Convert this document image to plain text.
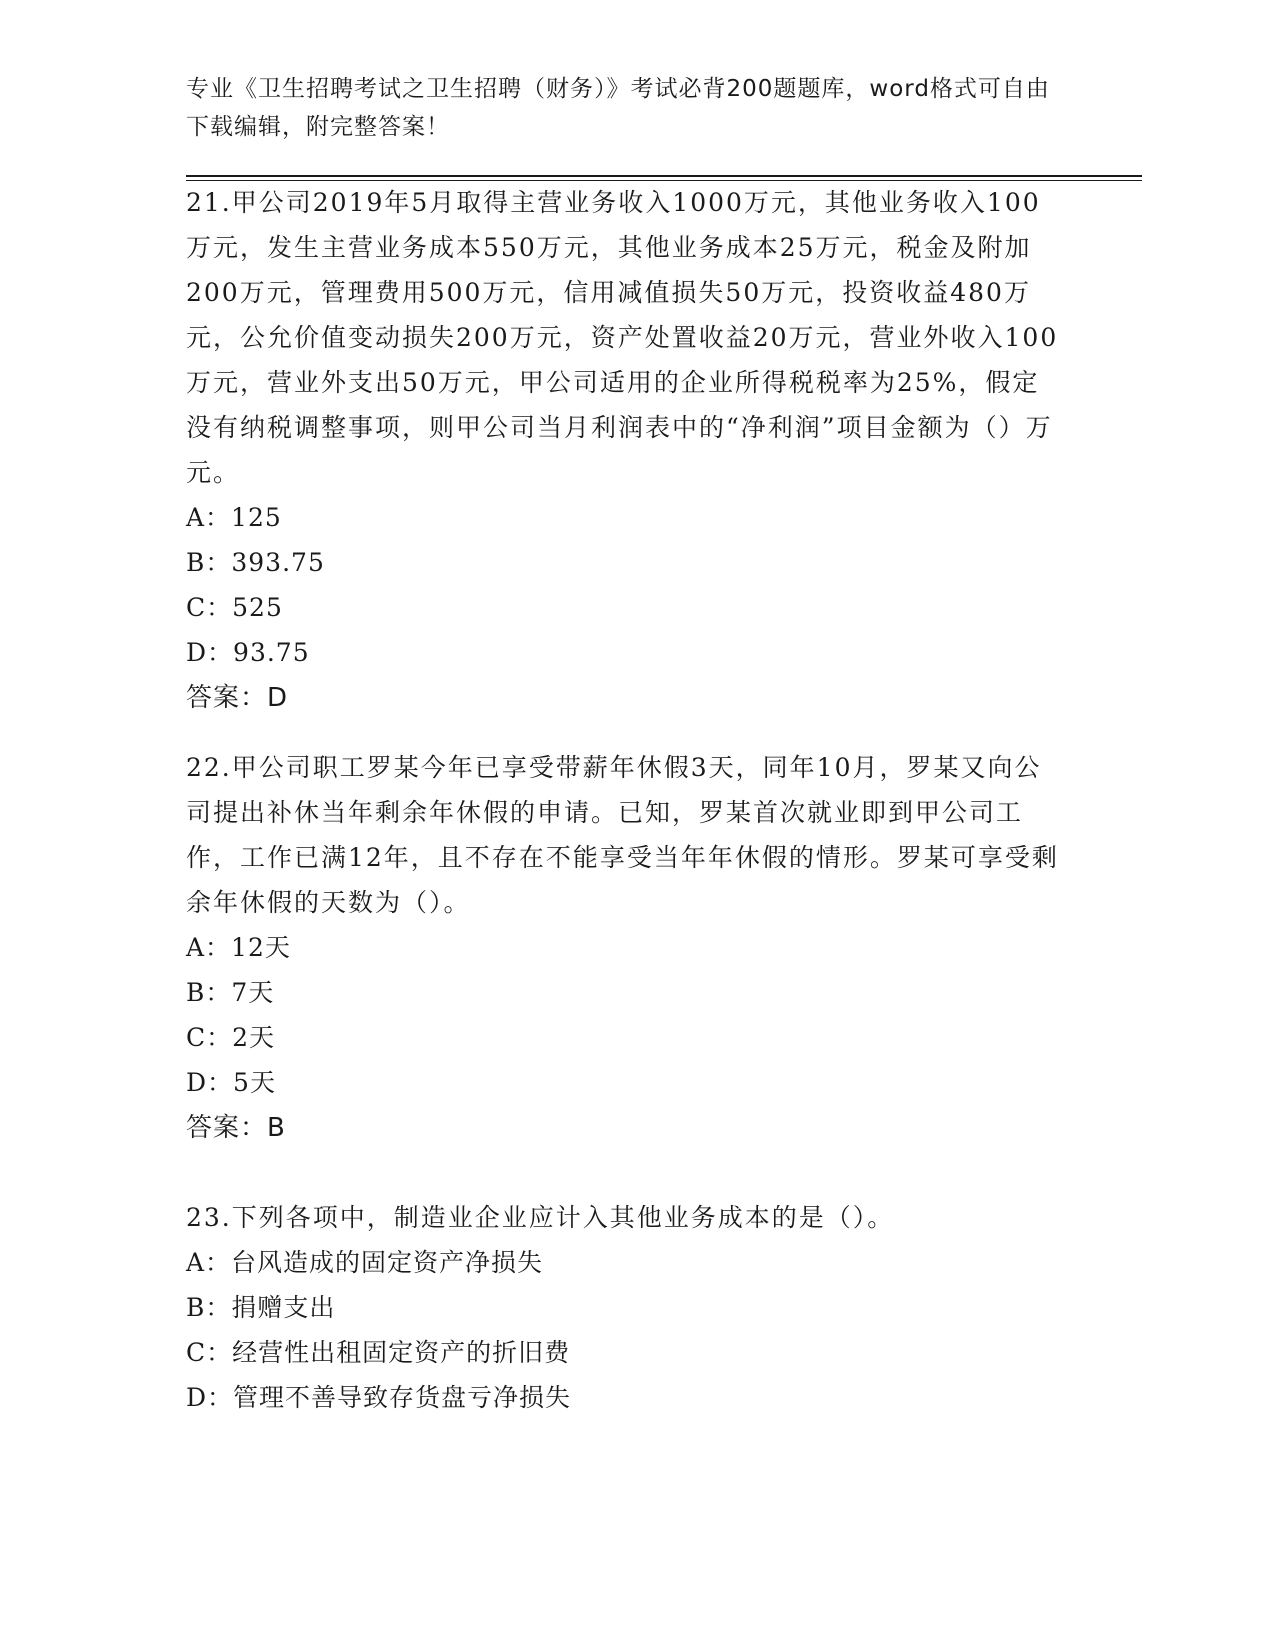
专业《卫生招聘考试之卫生招聘（财务）》考试必背200题题库，word格式可自由下载编辑，附完整答案！

21.甲公司2019年5月取得主营业务收入1000万元，其他业务收入100万元，发生主营业务成本550万元，其他业务成本25万元，税金及附加200万元，管理费用500万元，信用减值损失50万元，投资收益480万元，公允价值变动损失200万元，资产处置收益20万元，营业外收入100万元，营业外支出50万元，甲公司适用的企业所得税税率为25%，假定没有纳税调整事项，则甲公司当月利润表中的“净利润”项目金额为（）万元。

A：125

B：393.75

C：525

D：93.75

答案：D

22.甲公司职工罗某今年已享受带薪年休假3天，同年10月，罗某又向公司提出补休当年剩余年休假的申请。已知，罗某首次就业即到甲公司工作，工作已满12年，且不存在不能享受当年年休假的情形。罗某可享受剩余年休假的天数为（）。

A：12天

B：7天

C：2天

D：5天

答案：B

23.下列各项中，制造业企业应计入其他业务成本的是（）。

A：台风造成的固定资产净损失

B：捐赠支出

C：经营性出租固定资产的折旧费

D：管理不善导致存货盘亏净损失
